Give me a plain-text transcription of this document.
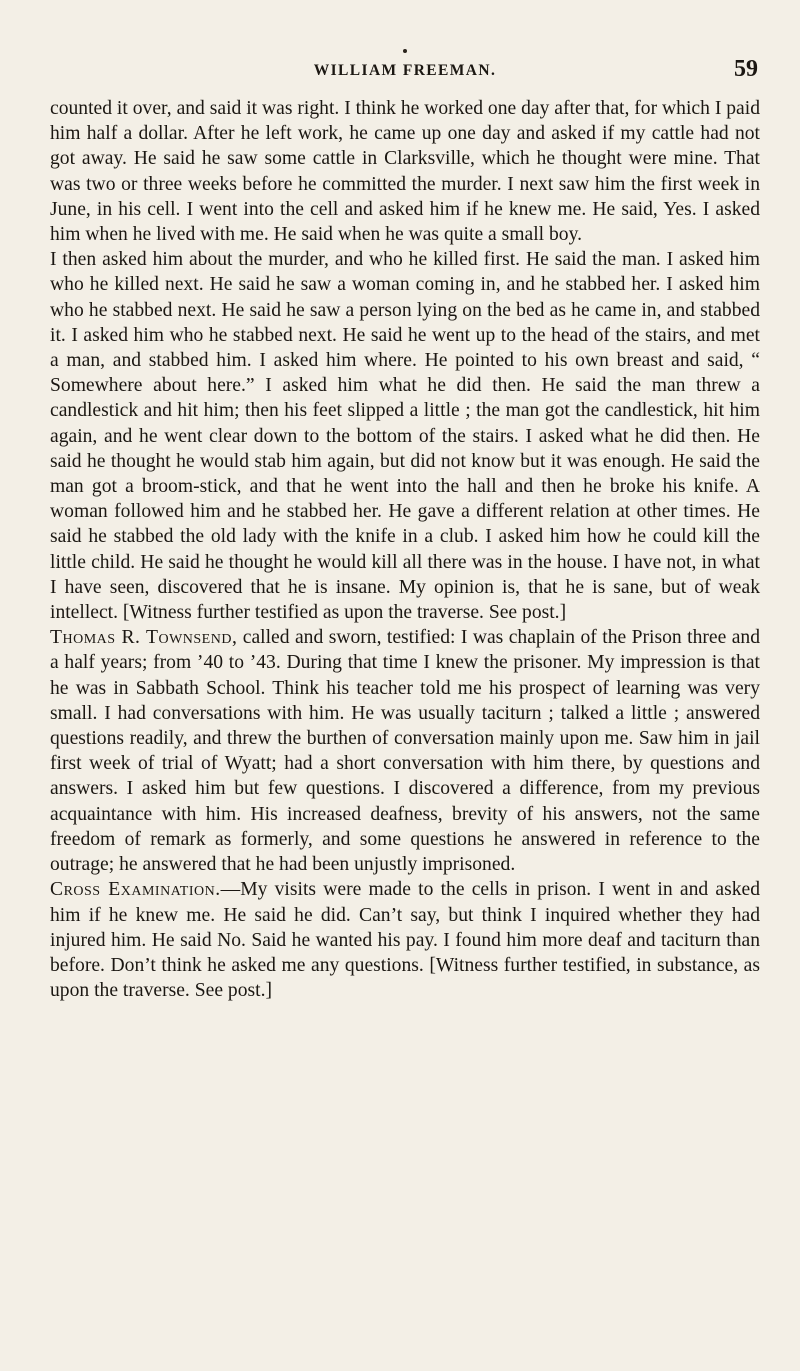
WILLIAM FREEMAN.	59

counted it over, and said it was right. I think he worked one day after that, for which I paid him half a dollar. After he left work, he came up one day and asked if my cattle had not got away. He said he saw some cattle in Clarksville, which he thought were mine. That was two or three weeks before he committed the murder. I next saw him the first week in June, in his cell. I went into the cell and asked him if he knew me. He said, Yes. I asked him when he lived with me. He said when he was quite a small boy.

I then asked him about the murder, and who he killed first. He said the man. I asked him who he killed next. He said he saw a woman coming in, and he stabbed her. I asked him who he stabbed next. He said he saw a person lying on the bed as he came in, and stabbed it. I asked him who he stabbed next. He said he went up to the head of the stairs, and met a man, and stabbed him. I asked him where. He pointed to his own breast and said, “ Somewhere about here.” I asked him what he did then. He said the man threw a candlestick and hit him; then his feet slipped a little ; the man got the candlestick, hit him again, and he went clear down to the bottom of the stairs. I asked what he did then. He said he thought he would stab him again, but did not know but it was enough. He said the man got a broom-stick, and that he went into the hall and then he broke his knife. A woman followed him and he stabbed her. He gave a different relation at other times. He said he stabbed the old lady with the knife in a club. I asked him how he could kill the little child. He said he thought he would kill all there was in the house. I have not, in what I have seen, discovered that he is insane. My opinion is, that he is sane, but of weak intellect. [Witness further testified as upon the traverse. See post.]

Thomas R. Townsend, called and sworn, testified: I was chaplain of the Prison three and a half years; from ’40 to ’43. During that time I knew the prisoner. My impression is that he was in Sabbath School. Think his teacher told me his prospect of learning was very small. I had conversations with him. He was usually taciturn ; talked a little ; answered questions readily, and threw the burthen of conversation mainly upon me. Saw him in jail first week of trial of Wyatt; had a short conversation with him there, by questions and answers. I asked him but few questions. I discovered a difference, from my previous acquaintance with him. His increased deafness, brevity of his answers, not the same freedom of remark as formerly, and some questions he answered in reference to the outrage; he answered that he had been unjustly imprisoned.

Cross Examination.—My visits were made to the cells in prison. I went in and asked him if he knew me. He said he did. Can’t say, but think I inquired whether they had injured him. He said No. Said he wanted his pay. I found him more deaf and taciturn than before. Don’t think he asked me any questions. [Witness further testified, in substance, as upon the traverse. See post.]
